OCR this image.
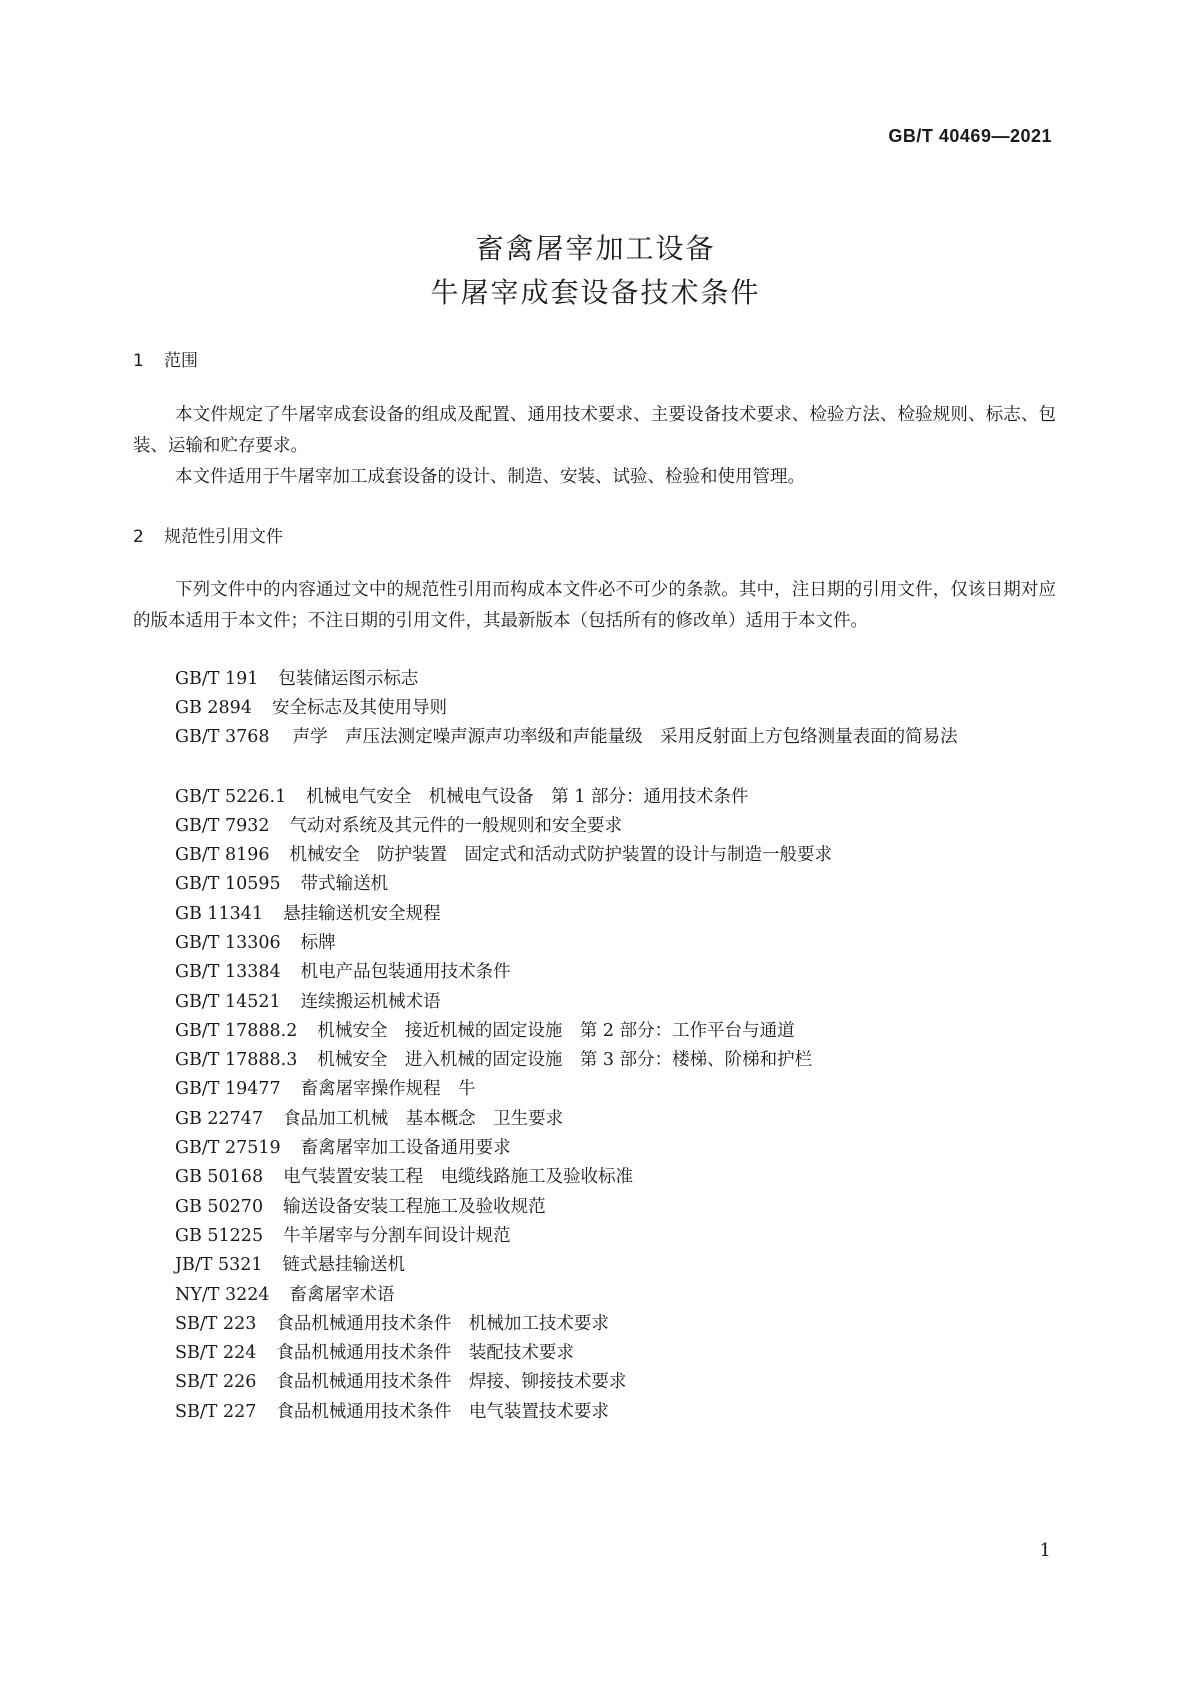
GB/T 40469—2021
畜禽屠宰加工设备
牛屠宰成套设备技术条件
1 范围

本文件规定了牛屠宰成套设备的组成及配置、通用技术要求、主要设备技术要求、检验方法、检验规则、标志、包装、运输和贮存要求。

本文件适用于牛屠宰加工成套设备的设计、制造、安装、试验、检验和使用管理。

2 规范性引用文件

下列文件中的内容通过文中的规范性引用而构成本文件必不可少的条款。其中，注日期的引用文件，仅该日期对应的版本适用于本文件；不注日期的引用文件，其最新版本（包括所有的修改单）适用于本文件。

GB/T 191 包装储运图示标志
GB 2894 安全标志及其使用导则

GB/T 3768　 声学　声压法测定噪声源声功率级和声能量级　采用反射面上方包络测量表面的简易法

GB/T 5226.1 机械电气安全　机械电气设备　第 1 部分：通用技术条件
GB/T 7932 气动对系统及其元件的一般规则和安全要求
GB/T 8196 机械安全　防护装置　固定式和活动式防护装置的设计与制造一般要求
GB/T 10595 带式输送机
GB 11341 悬挂输送机安全规程
GB/T 13306 标牌
GB/T 13384 机电产品包装通用技术条件
GB/T 14521 连续搬运机械术语
GB/T 17888.2 机械安全　接近机械的固定设施　第 2 部分：工作平台与通道
GB/T 17888.3 机械安全　进入机械的固定设施　第 3 部分：楼梯、阶梯和护栏
GB/T 19477 畜禽屠宰操作规程　牛
GB 22747 食品加工机械　基本概念　卫生要求
GB/T 27519 畜禽屠宰加工设备通用要求
GB 50168 电气装置安装工程　电缆线路施工及验收标准
GB 50270 输送设备安装工程施工及验收规范
GB 51225 牛羊屠宰与分割车间设计规范
JB/T 5321 链式悬挂输送机
NY/T 3224 畜禽屠宰术语
SB/T 223 食品机械通用技术条件　机械加工技术要求
SB/T 224 食品机械通用技术条件　装配技术要求
SB/T 226 食品机械通用技术条件　焊接、铆接技术要求
SB/T 227 食品机械通用技术条件　电气装置技术要求
1
